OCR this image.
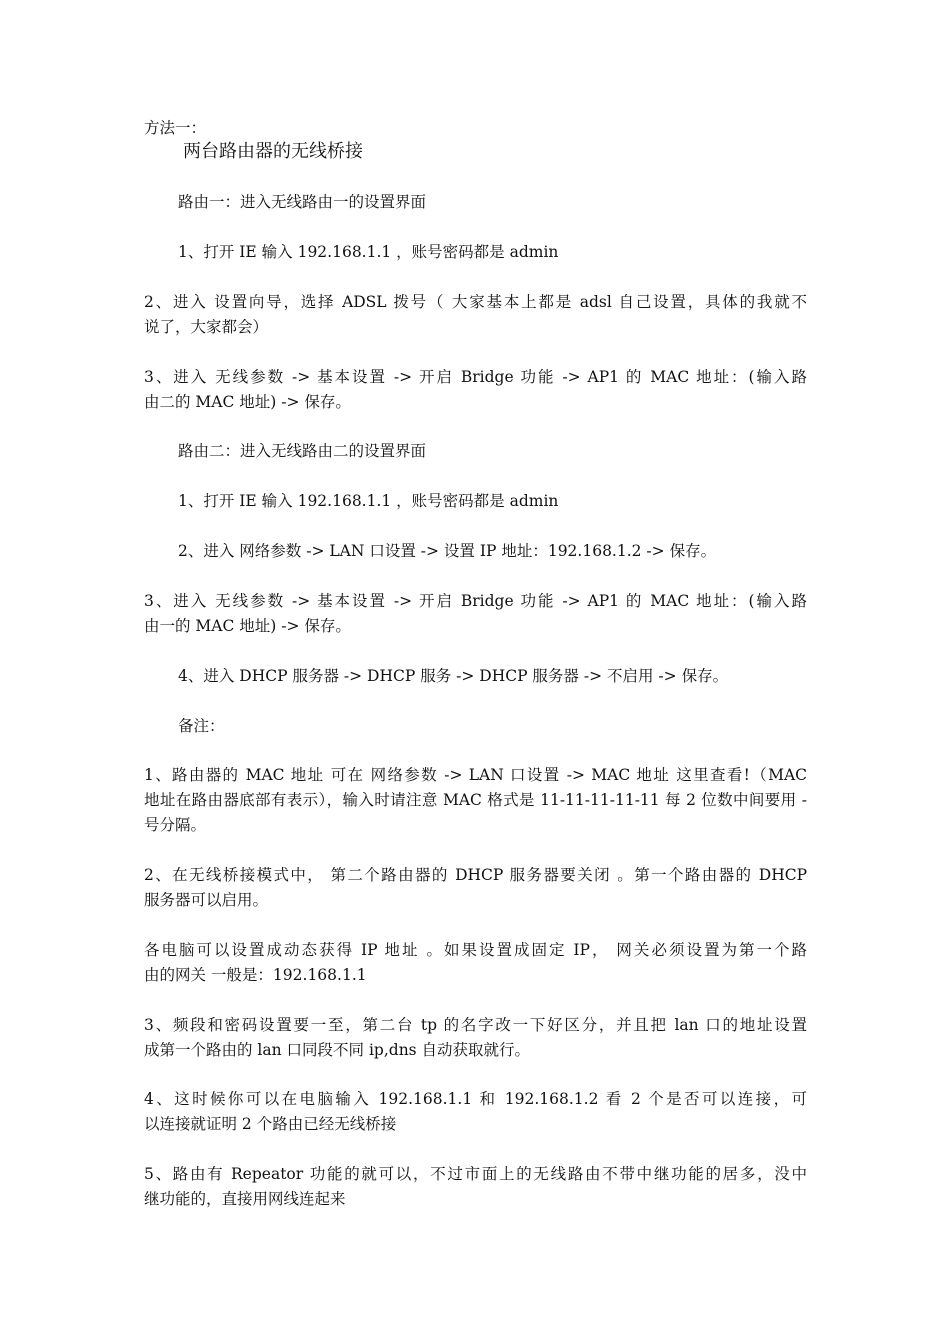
方法一：
两台路由器的无线桥接
路由一：进入无线路由一的设置界面
1、打开 IE 输入 192.168.1.1 ，账号密码都是 admin
2、进入 设置向导，选择 ADSL 拨号（ 大家基本上都是 adsl 自己设置，具体的我就不
说了，大家都会）
3、进入 无线参数 -> 基本设置 -> 开启 Bridge 功能 -> AP1 的 MAC 地址：(输入路
由二的 MAC 地址) -> 保存。
路由二：进入无线路由二的设置界面
1、打开 IE 输入 192.168.1.1 ，账号密码都是 admin
2、进入 网络参数 -> LAN 口设置 -> 设置 IP 地址：192.168.1.2 -> 保存。
3、进入 无线参数 -> 基本设置 -> 开启 Bridge 功能 -> AP1 的 MAC 地址：(输入路
由一的 MAC 地址) -> 保存。
4、进入 DHCP 服务器 -> DHCP 服务 -> DHCP 服务器 -> 不启用 -> 保存。
备注：
1、路由器的 MAC 地址 可在 网络参数 -> LAN 口设置 -> MAC 地址 这里查看!（MAC
地址在路由器底部有表示），输入时请注意 MAC 格式是 11-11-11-11-11 每 2 位数中间要用 -
号分隔。
2、在无线桥接模式中， 第二个路由器的 DHCP 服务器要关闭 。第一个路由器的 DHCP
服务器可以启用。
各电脑可以设置成动态获得 IP 地址 。如果设置成固定 IP， 网关必须设置为第一个路
由的网关 一般是：192.168.1.1
3、频段和密码设置要一至，第二台 tp 的名字改一下好区分，并且把 lan 口的地址设置
成第一个路由的 lan 口同段不同 ip,dns 自动获取就行。
4、这时候你可以在电脑输入 192.168.1.1 和 192.168.1.2 看 2 个是否可以连接，可
以连接就证明 2 个路由已经无线桥接
5、路由有 Repeator 功能的就可以，不过市面上的无线路由不带中继功能的居多，没中
继功能的，直接用网线连起来
